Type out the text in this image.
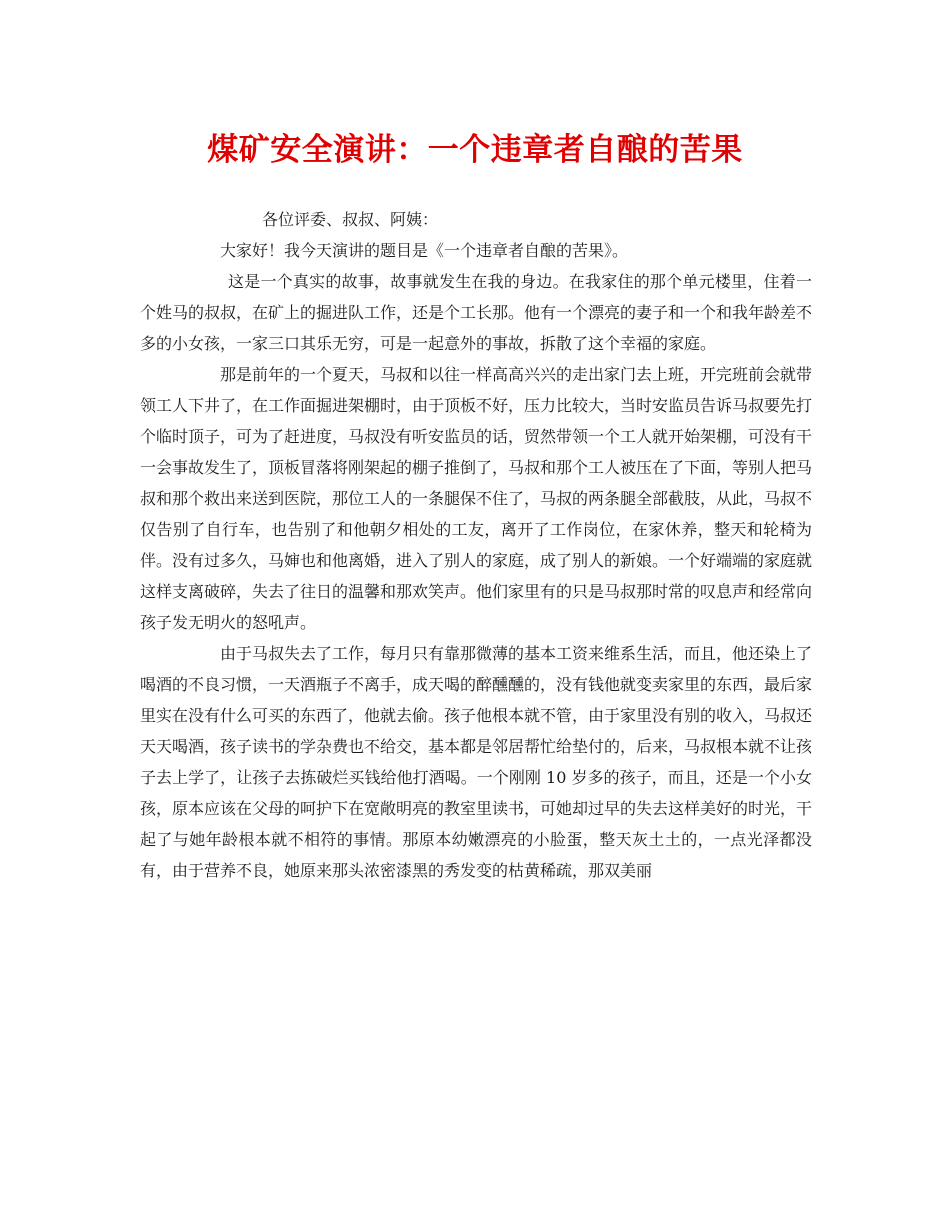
煤矿安全演讲：一个违章者自酿的苦果

各位评委、叔叔、阿姨：

大家好！我今天演讲的题目是《一个违章者自酿的苦果》。

这是一个真实的故事，故事就发生在我的身边。在我家住的那个单元楼里，住着一个姓马的叔叔，在矿上的掘进队工作，还是个工长那。他有一个漂亮的妻子和一个和我年龄差不多的小女孩，一家三口其乐无穷，可是一起意外的事故，拆散了这个幸福的家庭。

那是前年的一个夏天，马叔和以往一样高高兴兴的走出家门去上班，开完班前会就带领工人下井了，在工作面掘进架棚时，由于顶板不好，压力比较大，当时安监员告诉马叔要先打个临时顶子，可为了赶进度，马叔没有听安监员的话，贸然带领一个工人就开始架棚，可没有干一会事故发生了，顶板冒落将刚架起的棚子推倒了，马叔和那个工人被压在了下面，等别人把马叔和那个救出来送到医院，那位工人的一条腿保不住了，马叔的两条腿全部截肢，从此，马叔不仅告别了自行车，也告别了和他朝夕相处的工友，离开了工作岗位，在家休养，整天和轮椅为伴。没有过多久，马婶也和他离婚，进入了别人的家庭，成了别人的新娘。一个好端端的家庭就这样支离破碎，失去了往日的温馨和那欢笑声。他们家里有的只是马叔那时常的叹息声和经常向孩子发无明火的怒吼声。

由于马叔失去了工作，每月只有靠那微薄的基本工资来维系生活，而且，他还染上了喝酒的不良习惯，一天酒瓶子不离手，成天喝的醉醺醺的，没有钱他就变卖家里的东西，最后家里实在没有什么可买的东西了，他就去偷。孩子他根本就不管，由于家里没有别的收入，马叔还天天喝酒，孩子读书的学杂费也不给交，基本都是邻居帮忙给垫付的，后来，马叔根本就不让孩子去上学了，让孩子去拣破烂买钱给他打酒喝。一个刚刚 10 岁多的孩子，而且，还是一个小女孩，原本应该在父母的呵护下在宽敞明亮的教室里读书，可她却过早的失去这样美好的时光，干起了与她年龄根本就不相符的事情。那原本幼嫩漂亮的小脸蛋，整天灰土土的，一点光泽都没有，由于营养不良，她原来那头浓密漆黑的秀发变的枯黄稀疏，那双美丽
